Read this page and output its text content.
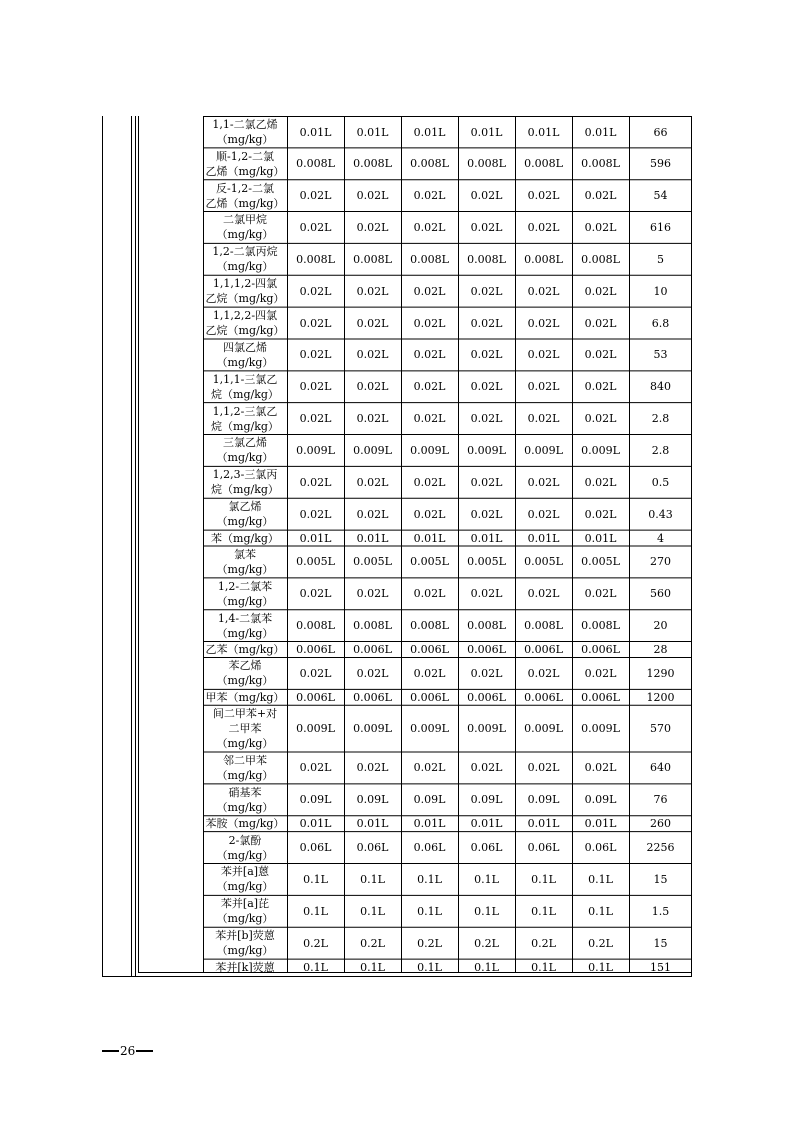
1,1-二氯乙烯
（mg/kg）
0.01L	0.01L	0.01L	0.01L	0.01L	0.01L	66
顺-1,2-二氯
乙烯（mg/kg）
0.008L	0.008L	0.008L	0.008L	0.008L	0.008L	596
反-1,2-二氯
乙烯（mg/kg）
0.02L	0.02L	0.02L	0.02L	0.02L	0.02L	54
二氯甲烷
（mg/kg）
0.02L	0.02L	0.02L	0.02L	0.02L	0.02L	616
1,2-二氯丙烷
（mg/kg）
0.008L	0.008L	0.008L	0.008L	0.008L	0.008L	5
1,1,1,2-四氯
乙烷（mg/kg）
0.02L	0.02L	0.02L	0.02L	0.02L	0.02L	10
1,1,2,2-四氯
乙烷（mg/kg）
0.02L	0.02L	0.02L	0.02L	0.02L	0.02L	6.8
四氯乙烯
（mg/kg）
0.02L	0.02L	0.02L	0.02L	0.02L	0.02L	53
1,1,1-三氯乙
烷（mg/kg）
0.02L	0.02L	0.02L	0.02L	0.02L	0.02L	840
1,1,2-三氯乙
烷（mg/kg）
0.02L	0.02L	0.02L	0.02L	0.02L	0.02L	2.8
三氯乙烯
（mg/kg）
0.009L	0.009L	0.009L	0.009L	0.009L	0.009L	2.8
1,2,3-三氯丙
烷（mg/kg）
0.02L	0.02L	0.02L	0.02L	0.02L	0.02L	0.5
氯乙烯
（mg/kg）
0.02L	0.02L	0.02L	0.02L	0.02L	0.02L	0.43
苯（mg/kg）	0.01L	0.01L	0.01L	0.01L	0.01L	0.01L	4
氯苯
（mg/kg）
0.005L	0.005L	0.005L	0.005L	0.005L	0.005L	270
1,2-二氯苯
（mg/kg）
0.02L	0.02L	0.02L	0.02L	0.02L	0.02L	560
1,4-二氯苯
（mg/kg）
0.008L	0.008L	0.008L	0.008L	0.008L	0.008L	20
乙苯（mg/kg）	0.006L	0.006L	0.006L	0.006L	0.006L	0.006L	28
苯乙烯
（mg/kg）
0.02L	0.02L	0.02L	0.02L	0.02L	0.02L	1290
甲苯（mg/kg）	0.006L	0.006L	0.006L	0.006L	0.006L	0.006L	1200
间二甲苯+对
二甲苯
（mg/kg）
0.009L	0.009L	0.009L	0.009L	0.009L	0.009L	570
邻二甲苯
（mg/kg）
0.02L	0.02L	0.02L	0.02L	0.02L	0.02L	640
硝基苯
（mg/kg）
0.09L	0.09L	0.09L	0.09L	0.09L	0.09L	76
苯胺（mg/kg）	0.01L	0.01L	0.01L	0.01L	0.01L	0.01L	260
2-氯酚
（mg/kg）
0.06L	0.06L	0.06L	0.06L	0.06L	0.06L	2256
苯并[a]蒽
（mg/kg）
0.1L	0.1L	0.1L	0.1L	0.1L	0.1L	15
苯并[a]芘
（mg/kg）
0.1L	0.1L	0.1L	0.1L	0.1L	0.1L	1.5
苯并[b]荧蒽
（mg/kg）
0.2L	0.2L	0.2L	0.2L	0.2L	0.2L	15
苯并[k]荧蒽	0.1L	0.1L	0.1L	0.1L	0.1L	0.1L	151
26
